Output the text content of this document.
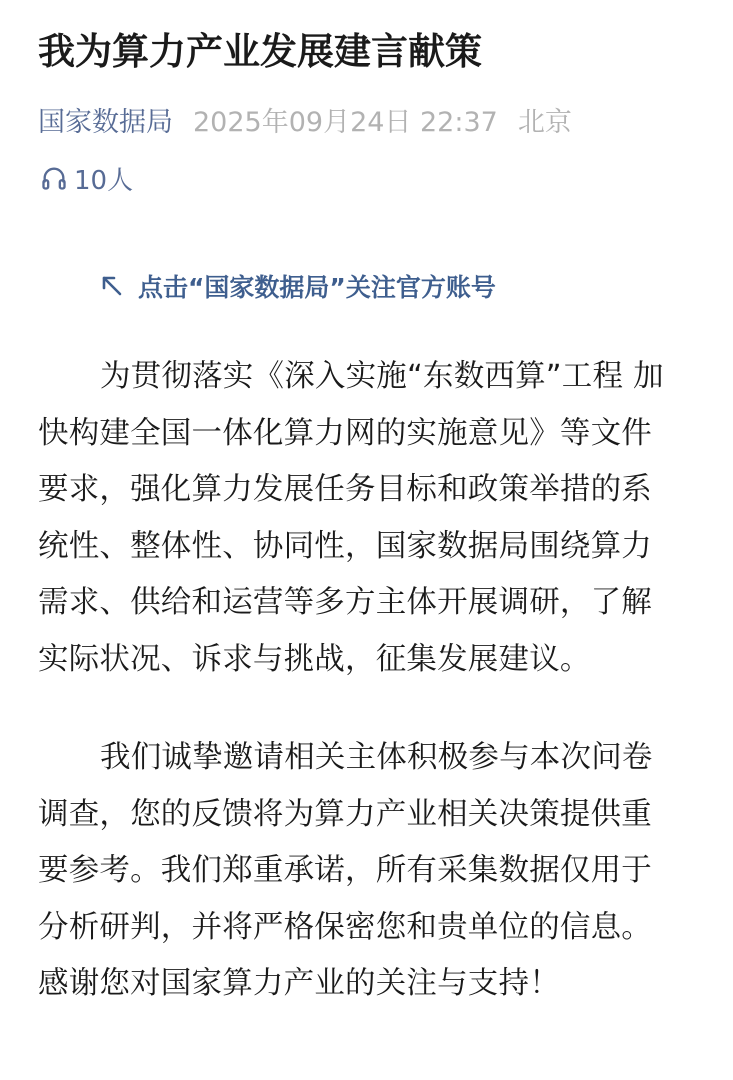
我为算力产业发展建言献策
国家数据局 2025年09月24日 22:37 北京
10人
点击“国家数据局”关注官方账号
为贯彻落实《深入实施“东数西算”工程 加
快构建全国一体化算力网的实施意见》等文件
要求，强化算力发展任务目标和政策举措的系
统性、整体性、协同性，国家数据局围绕算力
需求、供给和运营等多方主体开展调研，了解
实际状况、诉求与挑战，征集发展建议。
我们诚挚邀请相关主体积极参与本次问卷
调查，您的反馈将为算力产业相关决策提供重
要参考。我们郑重承诺，所有采集数据仅用于
分析研判，并将严格保密您和贵单位的信息。
感谢您对国家算力产业的关注与支持！
